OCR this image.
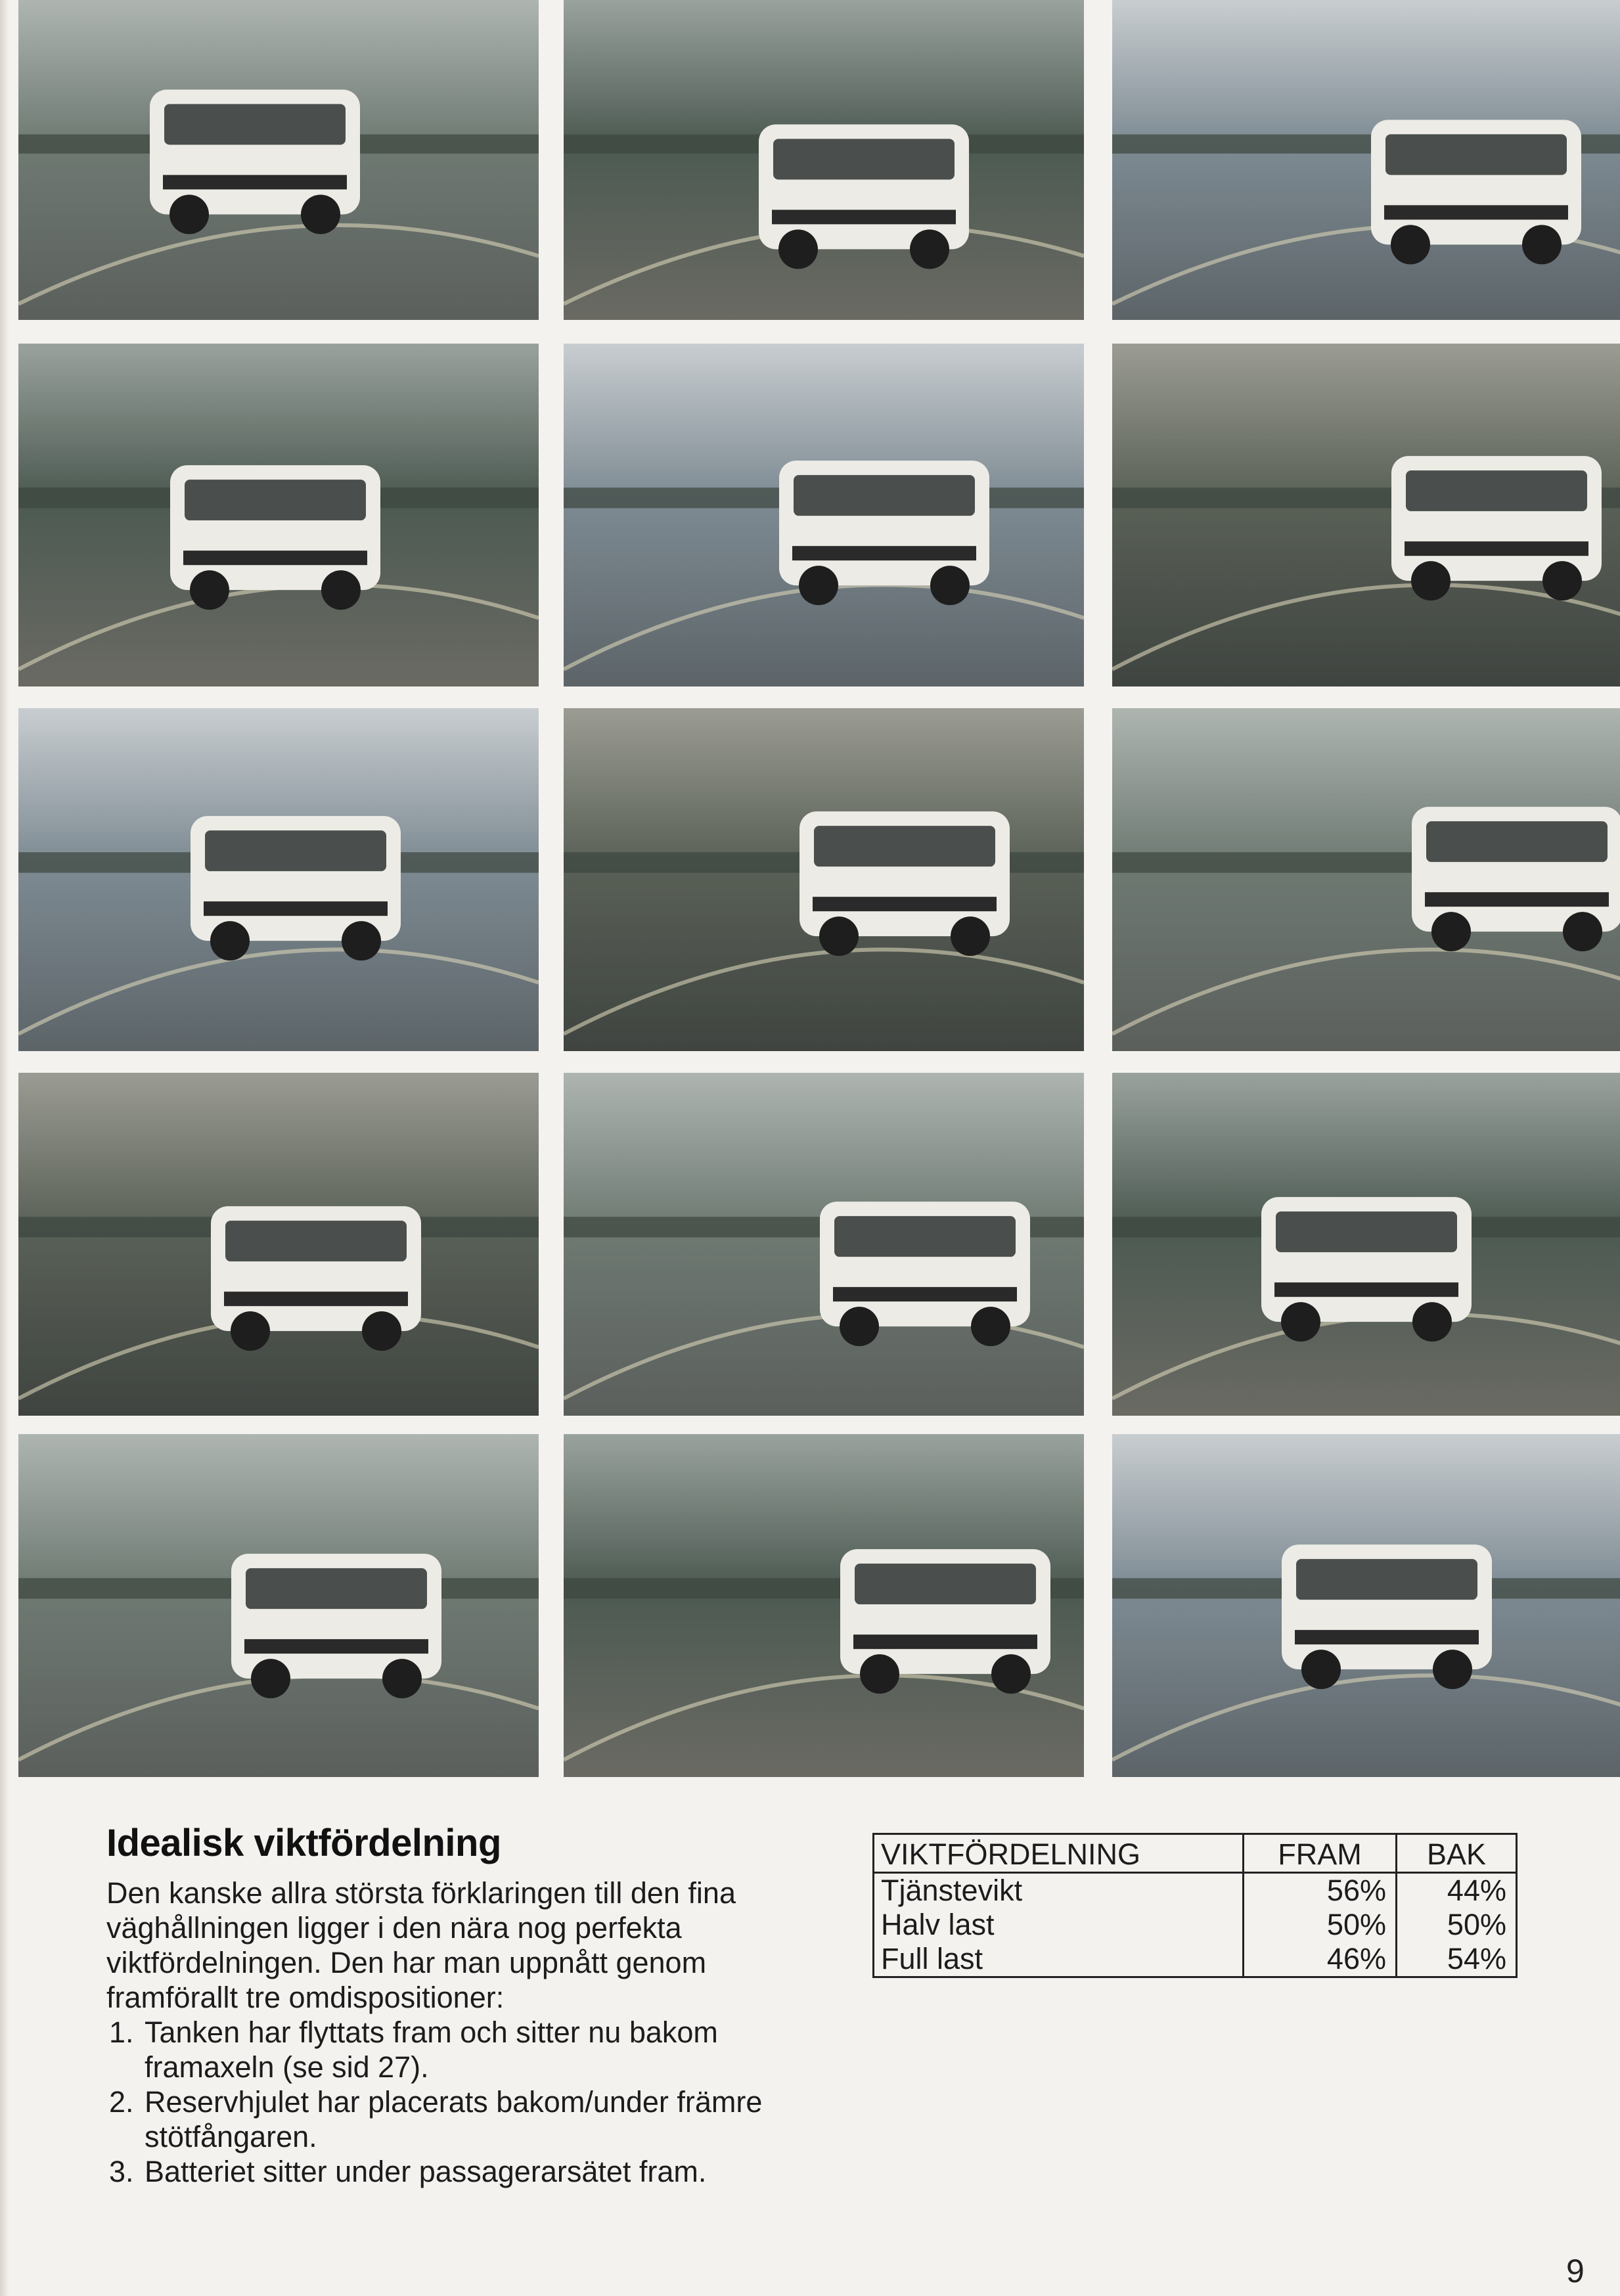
Idealisk viktfördelning

Den kanske allra största förklaringen till den fina väghållningen ligger i den nära nog perfekta viktfördelningen. Den har man uppnått genom framförallt tre omdispositioner:

1. Tanken har flyttats fram och sitter nu bakom framaxeln (se sid 27).
2. Reservhjulet har placerats bakom/under främre stötfångaren.
3. Batteriet sitter under passagerarsätet fram.
VIKTFÖRDELNING	FRAM	BAK
Tjänstevikt	56%	44%
Halv last	50%	50%
Full last	46%	54%
9
